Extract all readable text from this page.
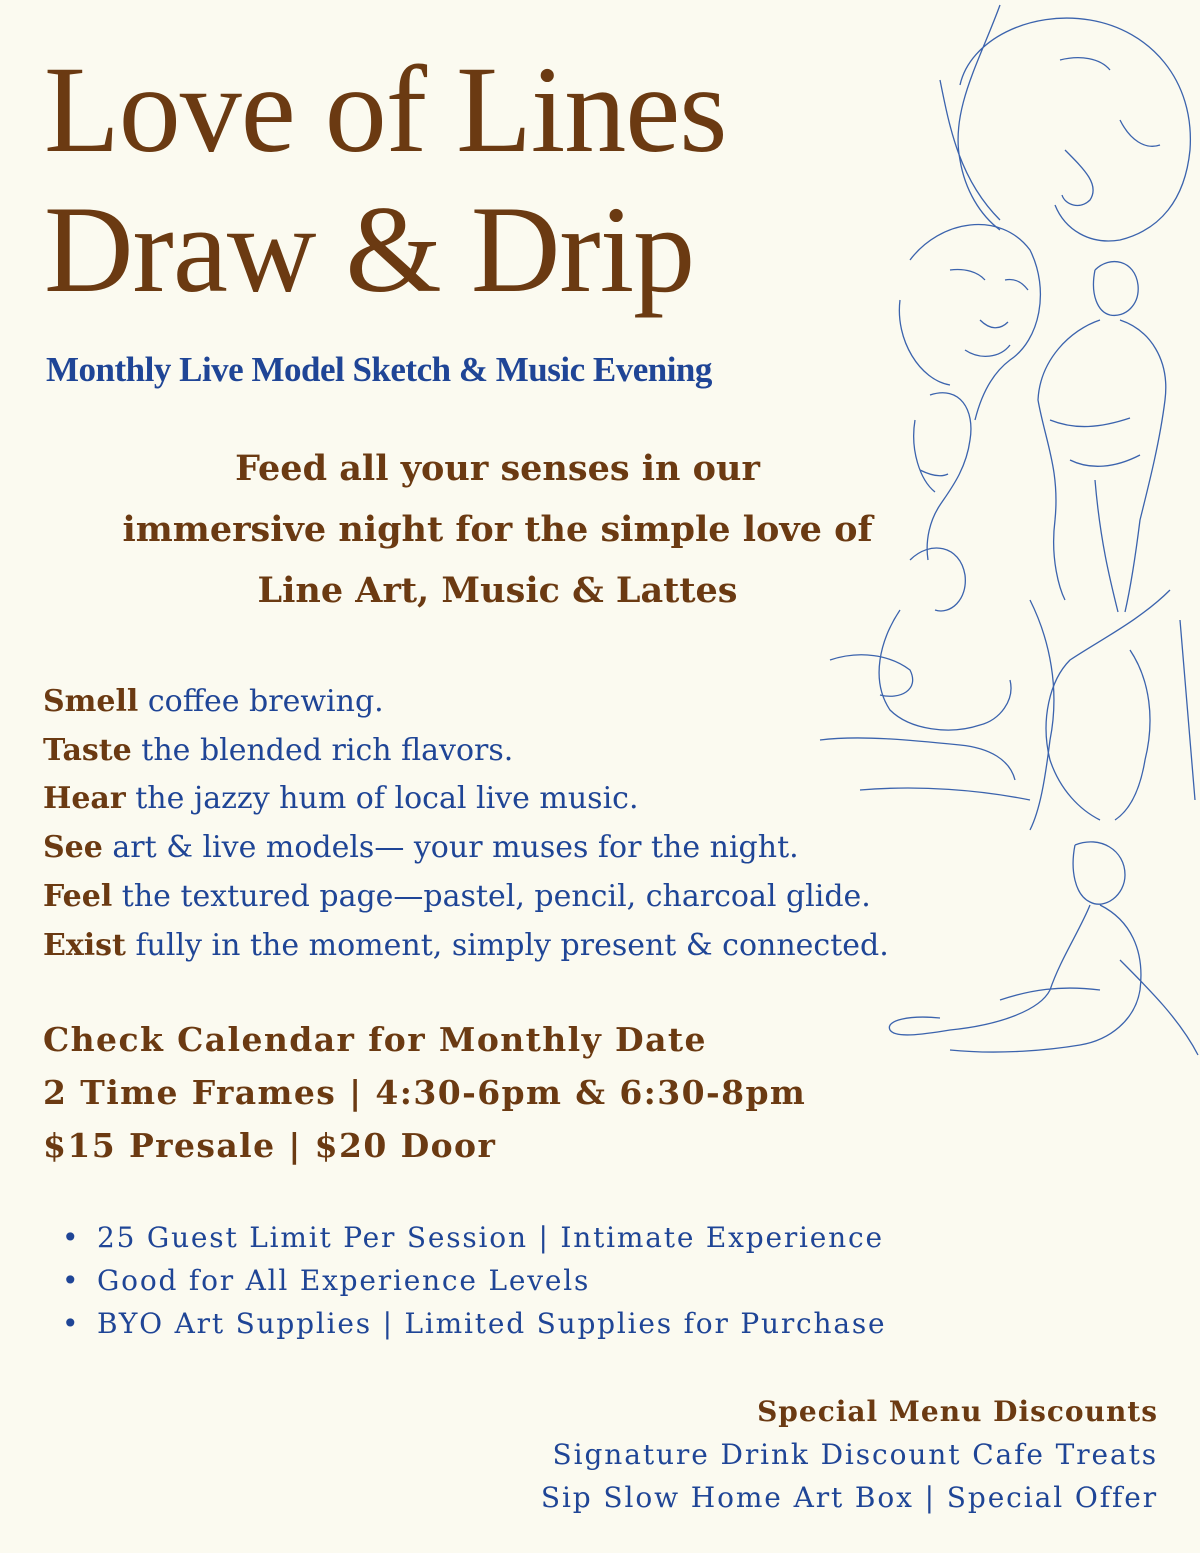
Love of Lines
Draw & Drip
Monthly Live Model Sketch & Music Evening

Feed all your senses in our
immersive night for the simple love of
Line Art, Music & Lattes

Smell coffee brewing.
Taste the blended rich flavors.
Hear the jazzy hum of local live music.
See art & live models— your muses for the night.
Feel the textured page—pastel, pencil, charcoal glide.
Exist fully in the moment, simply present & connected.
Check Calendar for Monthly Date
2 Time Frames | 4:30-6pm & 6:30-8pm
$15 Presale | $20 Door
• 25 Guest Limit Per Session | Intimate Experience
• Good for All Experience Levels
• BYO Art Supplies | Limited Supplies for Purchase
Special Menu Discounts
Signature Drink Discount Cafe Treats
Sip Slow Home Art Box | Special Offer
